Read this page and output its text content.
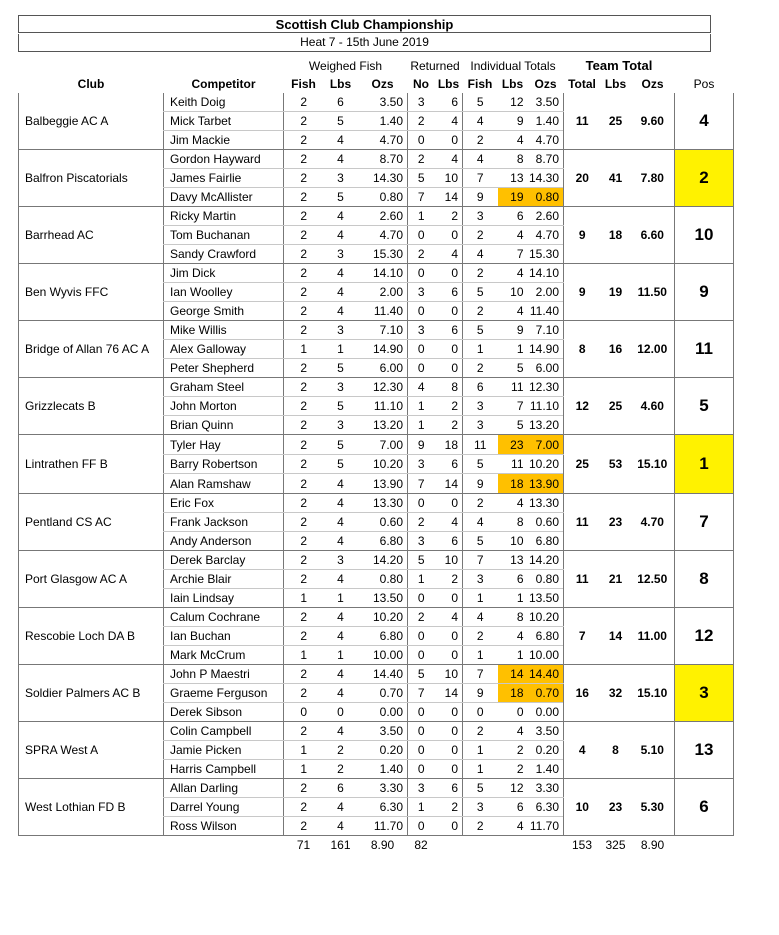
Scottish Club Championship
Heat 7 - 15th June 2019
		Weighed Fish			Returned		Individual Totals			Team Total			
Club	Competitor	Fish	Lbs	Ozs	No	Lbs	Fish	Lbs	Ozs	Total	Lbs	Ozs	Pos
Balbeggie AC A	Keith Doig	2	6	3.50	3	6	5	12	3.50	11	25	9.60	4
	Mick Tarbet	2	5	1.40	2	4	4	9	1.40				
	Jim Mackie	2	4	4.70	0	0	2	4	4.70				
Balfron Piscatorials	Gordon Hayward	2	4	8.70	2	4	4	8	8.70	20	41	7.80	2
	James Fairlie	2	3	14.30	5	10	7	13	14.30				
	Davy McAllister	2	5	0.80	7	14	9	19	0.80				
Barrhead AC	Ricky Martin	2	4	2.60	1	2	3	6	2.60	9	18	6.60	10
	Tom Buchanan	2	4	4.70	0	0	2	4	4.70				
	Sandy Crawford	2	3	15.30	2	4	4	7	15.30				
Ben Wyvis FFC	Jim Dick	2	4	14.10	0	0	2	4	14.10	9	19	11.50	9
	Ian Woolley	2	4	2.00	3	6	5	10	2.00				
	George Smith	2	4	11.40	0	0	2	4	11.40				
Bridge of Allan 76 AC A	Mike Willis	2	3	7.10	3	6	5	9	7.10	8	16	12.00	11
	Alex Galloway	1	1	14.90	0	0	1	1	14.90				
	Peter Shepherd	2	5	6.00	0	0	2	5	6.00				
Grizzlecats B	Graham Steel	2	3	12.30	4	8	6	11	12.30	12	25	4.60	5
	John Morton	2	5	11.10	1	2	3	7	11.10				
	Brian Quinn	2	3	13.20	1	2	3	5	13.20				
Lintrathen FF B	Tyler Hay	2	5	7.00	9	18	11	23	7.00	25	53	15.10	1
	Barry Robertson	2	5	10.20	3	6	5	11	10.20				
	Alan Ramshaw	2	4	13.90	7	14	9	18	13.90				
Pentland CS AC	Eric Fox	2	4	13.30	0	0	2	4	13.30	11	23	4.70	7
	Frank Jackson	2	4	0.60	2	4	4	8	0.60				
	Andy Anderson	2	4	6.80	3	6	5	10	6.80				
Port Glasgow AC A	Derek Barclay	2	3	14.20	5	10	7	13	14.20	11	21	12.50	8
	Archie Blair	2	4	0.80	1	2	3	6	0.80				
	Iain Lindsay	1	1	13.50	0	0	1	1	13.50				
Rescobie Loch DA B	Calum Cochrane	2	4	10.20	2	4	4	8	10.20	7	14	11.00	12
	Ian Buchan	2	4	6.80	0	0	2	4	6.80				
	Mark McCrum	1	1	10.00	0	0	1	1	10.00				
Soldier Palmers AC B	John P Maestri	2	4	14.40	5	10	7	14	14.40	16	32	15.10	3
	Graeme Ferguson	2	4	0.70	7	14	9	18	0.70				
	Derek Sibson	0	0	0.00	0	0	0	0	0.00				
SPRA West A	Colin Campbell	2	4	3.50	0	0	2	4	3.50	4	8	5.10	13
	Jamie Picken	1	2	0.20	0	0	1	2	0.20				
	Harris Campbell	1	2	1.40	0	0	1	2	1.40				
West Lothian FD B	Allan Darling	2	6	3.30	3	6	5	12	3.30	10	23	5.30	6
	Darrel Young	2	4	6.30	1	2	3	6	6.30				
	Ross Wilson	2	4	11.70	0	0	2	4	11.70				
		71	161	8.90	82					153	325	8.90	
